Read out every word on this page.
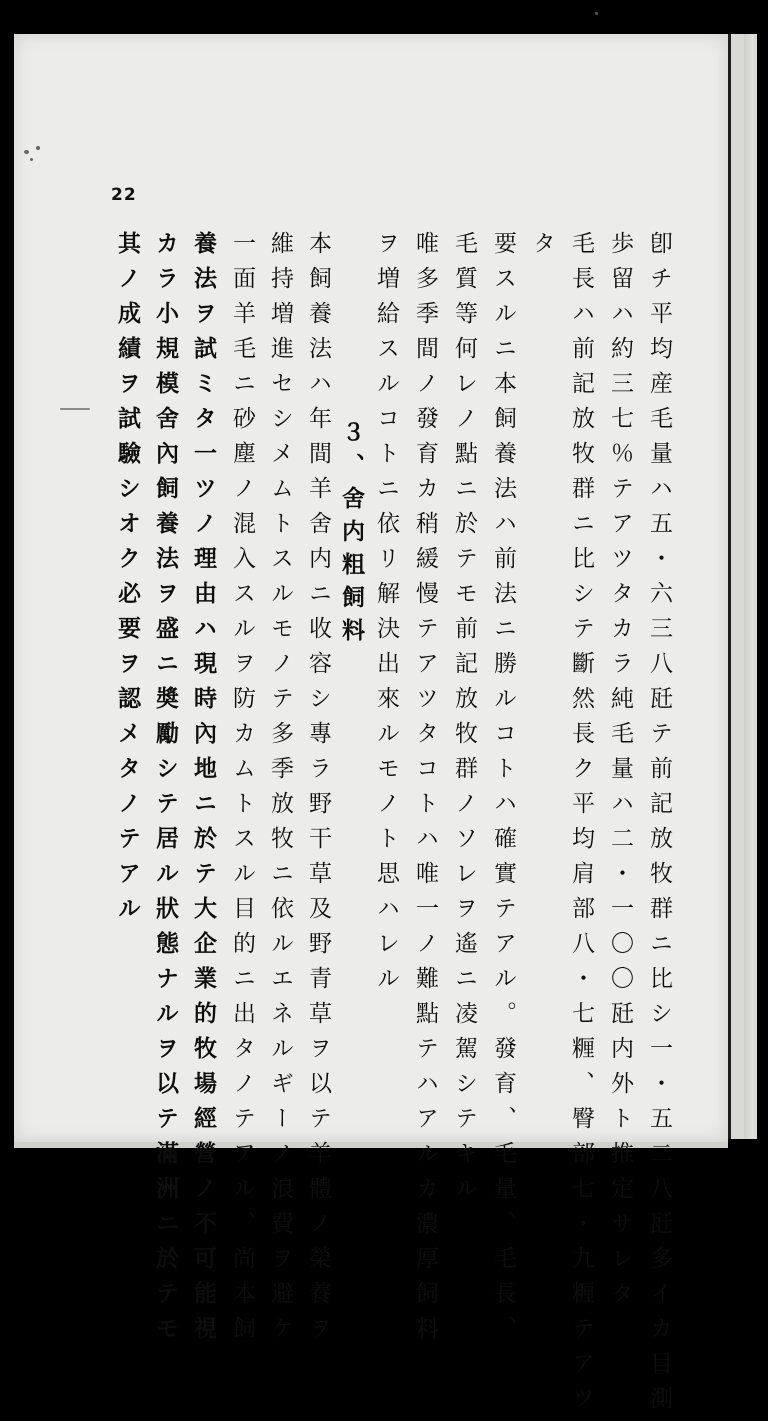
22
卽チ平均産毛量ハ五・六三八瓩テ前記放牧群ニ比シ一・五二八瓩多イカ目測
歩留ハ約三七％テアツタカラ純毛量ハ二・一〇〇瓩内外ト推定サレタ
毛長ハ前記放牧群ニ比シテ斷然長ク平均肩部八・七糎、臀部七・九糎テアツ
タ
要スルニ本飼養法ハ前法ニ勝ルコトハ確實テアル。發育、毛量、毛長、
毛質等何レノ點ニ於テモ前記放牧群ノソレヲ遙ニ凌駕シテキル
唯多季間ノ發育カ稍緩慢テアツタコトハ唯一ノ難點テハアルカ濃厚飼料
ヲ増給スルコトニ依リ解決出來ルモノト思ハレル
３、舍内粗飼料
本飼養法ハ年間羊舍内ニ收容シ專ラ野干草及野青草ヲ以テ羊體ノ榮養ヲ
維持増進セシメムトスルモノテ多季放牧ニ依ルエネルギーノ浪費ヲ避ケ
一面羊毛ニ砂塵ノ混入スルヲ防カムトスル目的ニ出タノテアル、尚本飼
養法ヲ試ミタ一ツノ理由ハ現時內地ニ於テ大企業的牧場經營ノ不可能視
カラ小規模舍內飼養法ヲ盛ニ奬勵シテ居ル狀態ナルヲ以テ滿洲ニ於テモ
其ノ成績ヲ試驗シオク必要ヲ認メタノテアル
